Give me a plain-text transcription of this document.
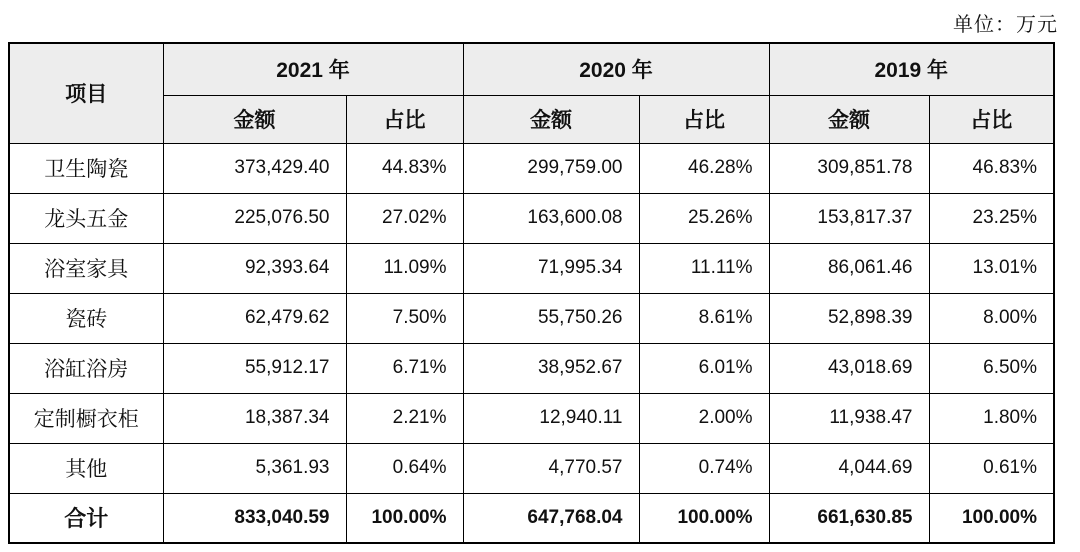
单位：万元
项目	2021 年		2020 年		2019 年	
	金额	占比	金额	占比	金额	占比
卫生陶瓷	373,429.40	44.83%	299,759.00	46.28%	309,851.78	46.83%
龙头五金	225,076.50	27.02%	163,600.08	25.26%	153,817.37	23.25%
浴室家具	92,393.64	11.09%	71,995.34	11.11%	86,061.46	13.01%
瓷砖	62,479.62	7.50%	55,750.26	8.61%	52,898.39	8.00%
浴缸浴房	55,912.17	6.71%	38,952.67	6.01%	43,018.69	6.50%
定制橱衣柜	18,387.34	2.21%	12,940.11	2.00%	11,938.47	1.80%
其他	5,361.93	0.64%	4,770.57	0.74%	4,044.69	0.61%
合计	833,040.59	100.00%	647,768.04	100.00%	661,630.85	100.00%
